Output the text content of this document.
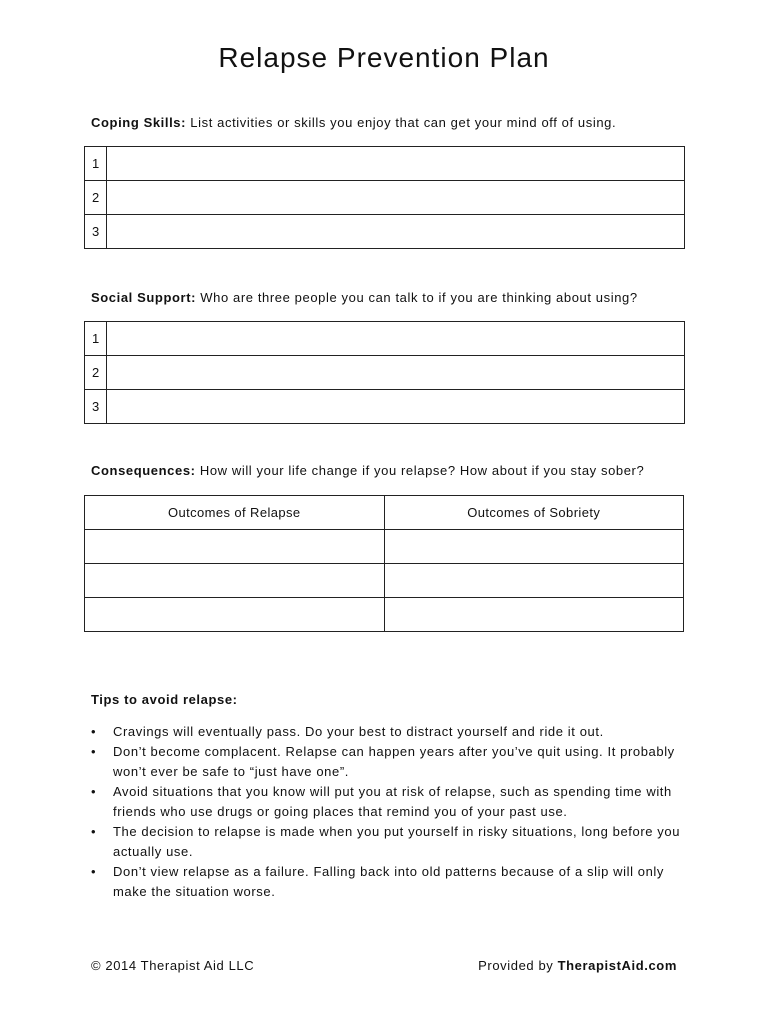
Relapse Prevention Plan
Coping Skills: List activities or skills you enjoy that can get your mind off of using.
1	
2	
3	
Social Support: Who are three people you can talk to if you are thinking about using?
1	
2	
3	
Consequences: How will your life change if you relapse? How about if you stay sober?
Outcomes of Relapse	Outcomes of Sobriety

Tips to avoid relapse:
• Cravings will eventually pass. Do your best to distract yourself and ride it out.
• Don’t become complacent. Relapse can happen years after you’ve quit using. It probably won’t ever be safe to “just have one”.
• Avoid situations that you know will put you at risk of relapse, such as spending time with friends who use drugs or going places that remind you of your past use.
• The decision to relapse is made when you put yourself in risky situations, long before you actually use.
• Don’t view relapse as a failure. Falling back into old patterns because of a slip will only make the situation worse.
© 2014 Therapist Aid LLC	Provided by TherapistAid.com
